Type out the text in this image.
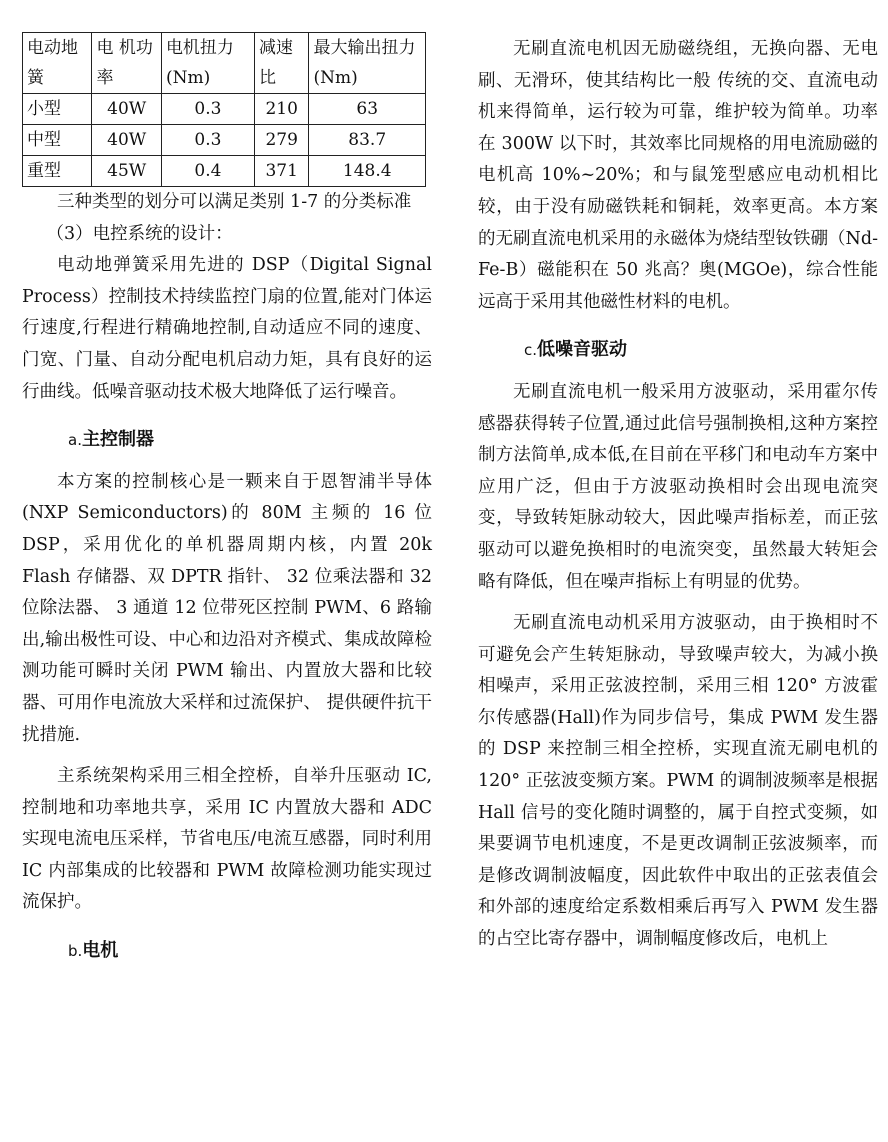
电动地簧	电 机功率	电机扭力(Nm)	减速比	最大输出扭力(Nm)
小型	40W	0.3	210	63
中型	40W	0.3	279	83.7
重型	45W	0.4	371	148.4

三种类型的划分可以满足类别 1-7 的分类标准

（3）电控系统的设计：

电动地弹簧采用先进的 DSP（Digital Signal Process）控制技术持续监控门扇的位置,能对门体运行速度,行程进行精确地控制,自动适应不同的速度、门宽、门量、自动分配电机启动力矩，具有良好的运行曲线。低噪音驱动技术极大地降低了运行噪音。

a.主控制器

本方案的控制核心是一颗来自于恩智浦半导体(NXP Semiconductors)的 80M 主频的 16 位 DSP，采用优化的单机器周期内核，内置 20k Flash 存储器、双 DPTR 指针、 32 位乘法器和 32 位除法器、 3 通道 12 位带死区控制 PWM、6 路输出,输出极性可设、中心和边沿对齐模式、集成故障检测功能可瞬时关闭 PWM 输出、内置放大器和比较器、可用作电流放大采样和过流保护、 提供硬件抗干扰措施.

主系统架构采用三相全控桥，自举升压驱动 IC,控制地和功率地共享，采用 IC 内置放大器和 ADC 实现电流电压采样，节省电压/电流互感器，同时利用 IC 内部集成的比较器和 PWM 故障检测功能实现过流保护。

b.电机

无刷直流电机因无励磁绕组，无换向器、无电刷、无滑环，使其结构比一般 传统的交、直流电动机来得简单，运行较为可靠，维护较为简单。功率在 300W 以下时，其效率比同规格的用电流励磁的电机高 10%~20%；和与鼠笼型感应电动机相比较，由于没有励磁铁耗和铜耗，效率更高。本方案的无刷直流电机采用的永磁体为烧结型钕铁硼（Nd-Fe-B）磁能积在 50 兆高？奥(MGOe)，综合性能远高于采用其他磁性材料的电机。

c.低噪音驱动

无刷直流电机一般采用方波驱动，采用霍尔传感器获得转子位置,通过此信号强制换相,这种方案控制方法简单,成本低,在目前在平移门和电动车方案中应用广泛，但由于方波驱动换相时会出现电流突变，导致转矩脉动较大，因此噪声指标差，而正弦驱动可以避免换相时的电流突变，虽然最大转矩会略有降低，但在噪声指标上有明显的优势。

无刷直流电动机采用方波驱动，由于换相时不可避免会产生转矩脉动，导致噪声较大，为减小换相噪声，采用正弦波控制，采用三相 120° 方波霍尔传感器(Hall)作为同步信号，集成 PWM 发生器的 DSP 来控制三相全控桥，实现直流无刷电机的 120° 正弦波变频方案。PWM 的调制波频率是根据 Hall 信号的变化随时调整的，属于自控式变频，如果要调节电机速度，不是更改调制正弦波频率，而是修改调制波幅度，因此软件中取出的正弦表值会和外部的速度给定系数相乘后再写入 PWM 发生器的占空比寄存器中，调制幅度修改后，电机上
